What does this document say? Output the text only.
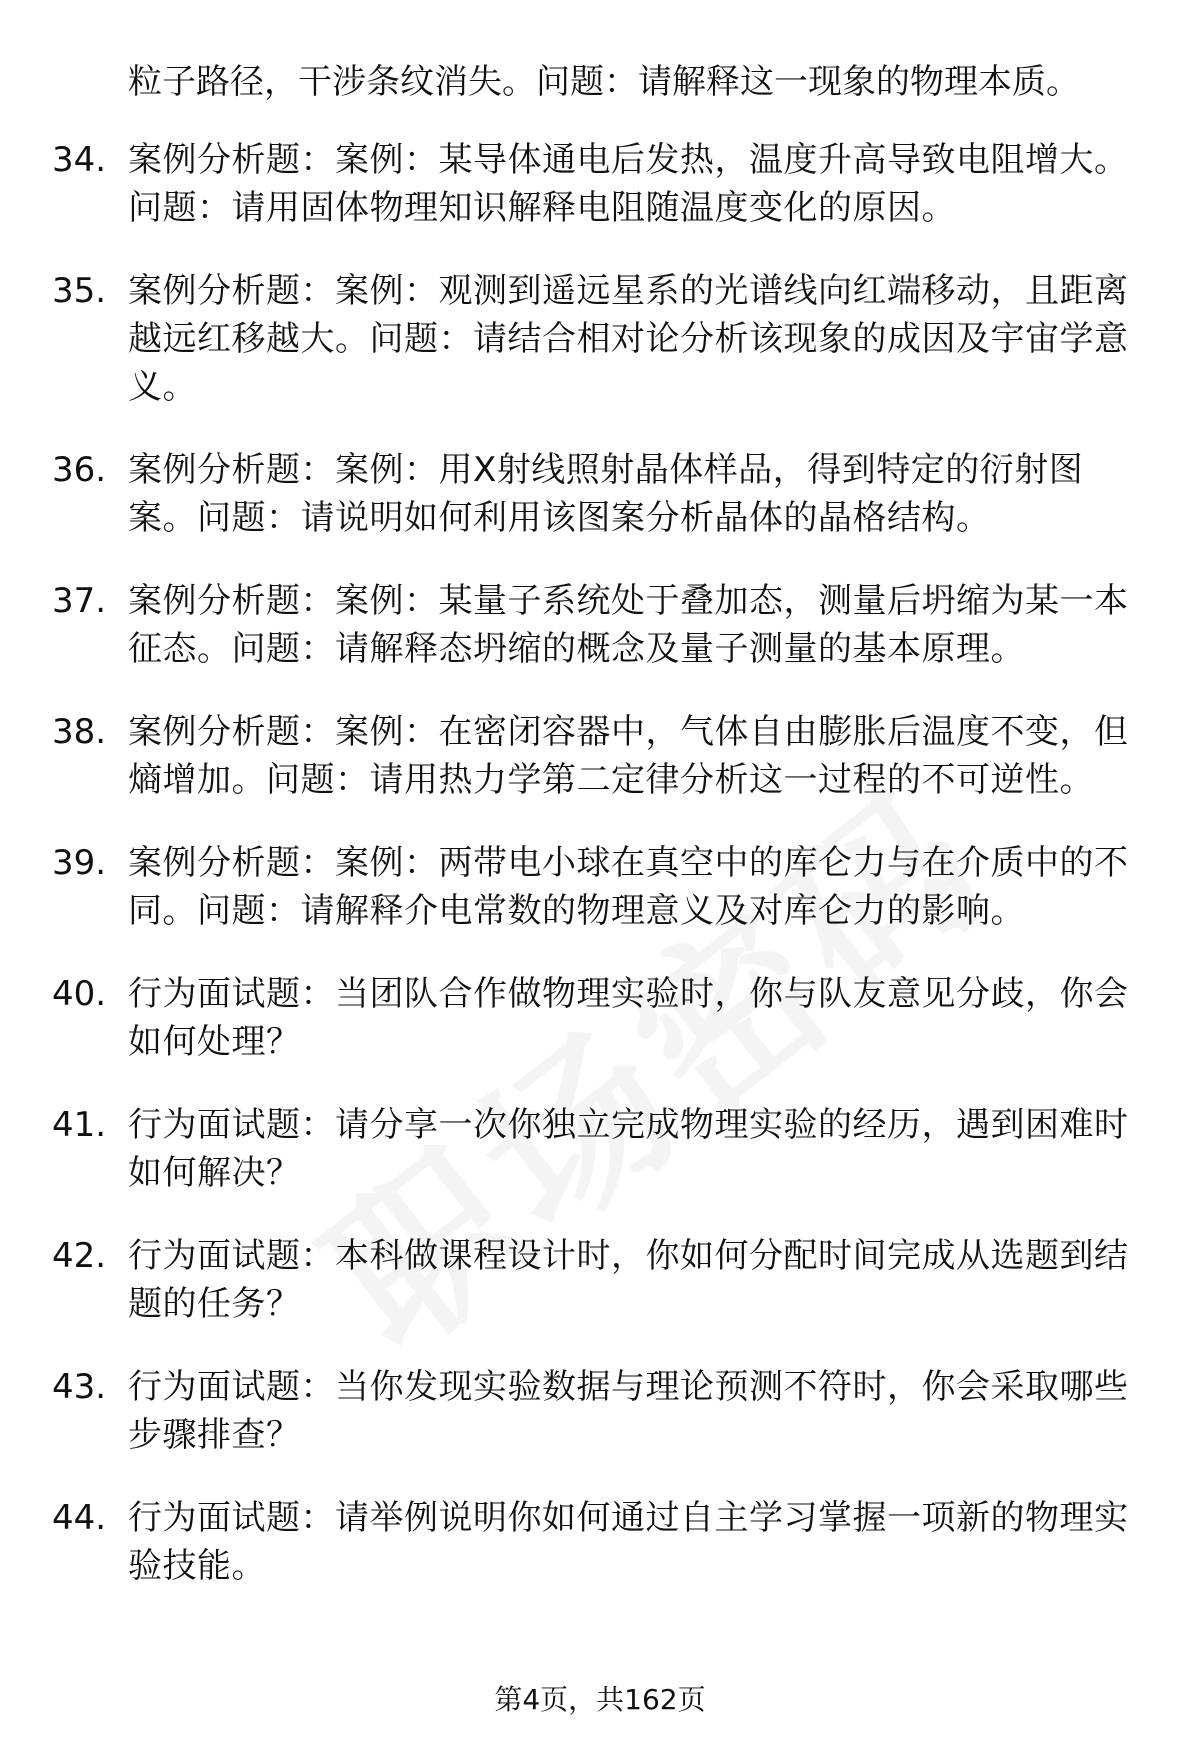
粒子路径，干涉条纹消失。问题：请解释这一现象的物理本质。

34. 案例分析题：案例：某导体通电后发热，温度升高导致电阻增大。问题：请用固体物理知识解释电阻随温度变化的原因。
35. 案例分析题：案例：观测到遥远星系的光谱线向红端移动，且距离越远红移越大。问题：请结合相对论分析该现象的成因及宇宙学意义。
36. 案例分析题：案例：用X射线照射晶体样品，得到特定的衍射图案。问题：请说明如何利用该图案分析晶体的晶格结构。
37. 案例分析题：案例：某量子系统处于叠加态，测量后坍缩为某一本征态。问题：请解释态坍缩的概念及量子测量的基本原理。
38. 案例分析题：案例：在密闭容器中，气体自由膨胀后温度不变，但熵增加。问题：请用热力学第二定律分析这一过程的不可逆性。
39. 案例分析题：案例：两带电小球在真空中的库仑力与在介质中的不同。问题：请解释介电常数的物理意义及对库仑力的影响。
40. 行为面试题：当团队合作做物理实验时，你与队友意见分歧，你会如何处理？
41. 行为面试题：请分享一次你独立完成物理实验的经历，遇到困难时如何解决？
42. 行为面试题：本科做课程设计时，你如何分配时间完成从选题到结题的任务？
43. 行为面试题：当你发现实验数据与理论预测不符时，你会采取哪些步骤排查？
44. 行为面试题：请举例说明你如何通过自主学习掌握一项新的物理实验技能。
第4页，共162页
